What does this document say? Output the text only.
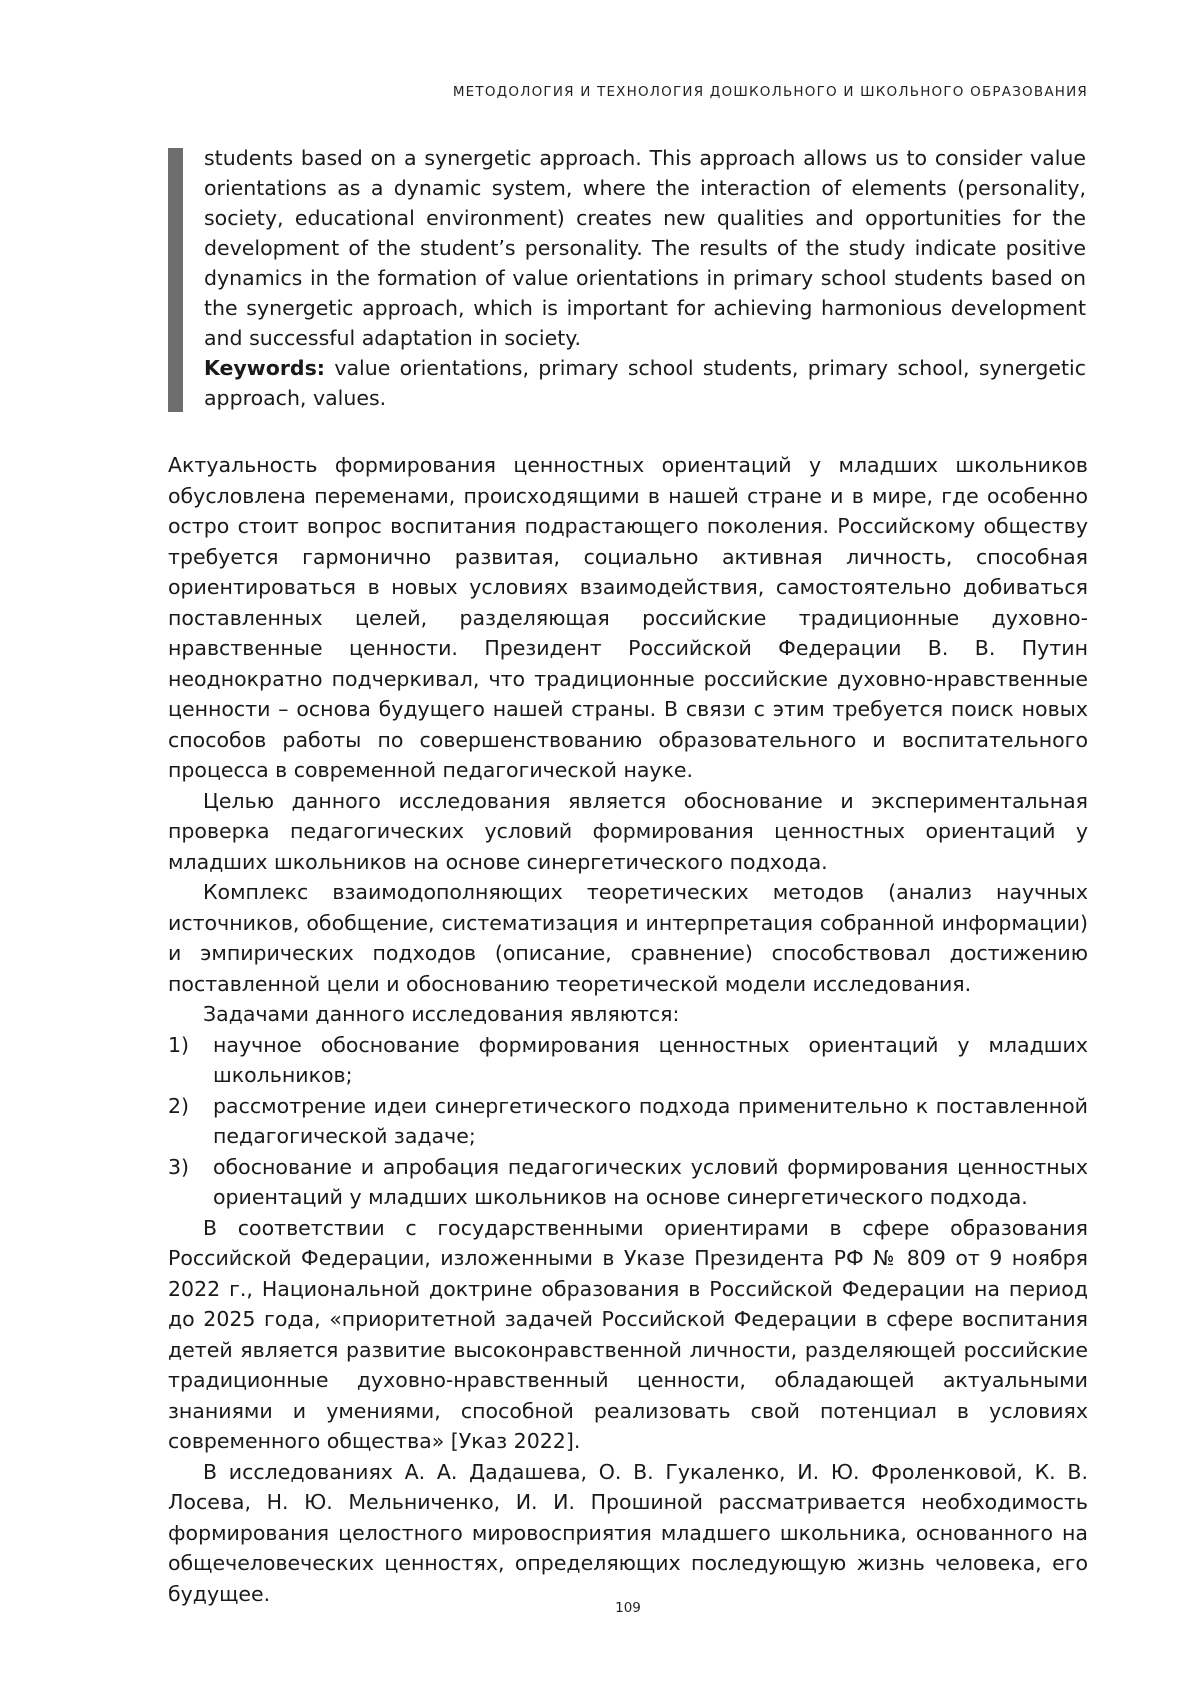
МЕТОДОЛОГИЯ И ТЕХНОЛОГИЯ ДОШКОЛЬНОГО И ШКОЛЬНОГО ОБРАЗОВАНИЯ

students based on a synergetic approach. This approach allows us to consider value orientations as a dynamic system, where the interaction of elements (personality, society, educational environment) creates new qualities and opportunities for the development of the student’s personality. The results of the study indicate positive dynamics in the formation of value orientations in primary school students based on the synergetic approach, which is important for achieving harmonious development and successful adaptation in society.

Keywords: value orientations, primary school students, primary school, synergetic approach, values.

Актуальность формирования ценностных ориентаций у младших школьников обусловлена переменами, происходящими в нашей стране и в мире, где особенно остро стоит вопрос воспитания подрастающего поколения. Российскому обществу требуется гармонично развитая, социально активная личность, способная ориентироваться в новых условиях взаимодействия, самостоятельно добиваться поставленных целей, разделяющая российские традиционные духовно-нравственные ценности. Президент Российской Федерации В. В. Путин неоднократно подчеркивал, что традиционные российские духовно-нравственные ценности – основа будущего нашей страны. В связи с этим требуется поиск новых способов работы по совершенствованию образовательного и воспитательного процесса в современной педагогической науке.

Целью данного исследования является обоснование и экспериментальная проверка педагогических условий формирования ценностных ориентаций у младших школьников на основе синергетического подхода.

Комплекс взаимодополняющих теоретических методов (анализ научных источников, обобщение, систематизация и интерпретация собранной информации) и эмпирических подходов (описание, сравнение) способствовал достижению поставленной цели и обоснованию теоретической модели исследования.

Задачами данного исследования являются:

1) научное обоснование формирования ценностных ориентаций у младших школьников;
2) рассмотрение идеи синергетического подхода применительно к поставленной педагогической задаче;
3) обоснование и апробация педагогических условий формирования ценностных ориентаций у младших школьников на основе синергетического подхода.

В соответствии с государственными ориентирами в сфере образования Российской Федерации, изложенными в Указе Президента РФ № 809 от 9 ноября 2022 г., Национальной доктрине образования в Российской Федерации на период до 2025 года, «приоритетной задачей Российской Федерации в сфере воспитания детей является развитие высоконравственной личности, разделяющей российские традиционные духовно-нравственный ценности, обладающей актуальными знаниями и умениями, способной реализовать свой потенциал в условиях современного общества» [Указ 2022].

В исследованиях А. А. Дадашева, О. В. Гукаленко, И. Ю. Фроленковой, К. В. Лосева, Н. Ю. Мельниченко, И. И. Прошиной рассматривается необходимость формирования целостного мировосприятия младшего школьника, основанного на общечеловеческих ценностях, определяющих последующую жизнь человека, его будущее.

109
